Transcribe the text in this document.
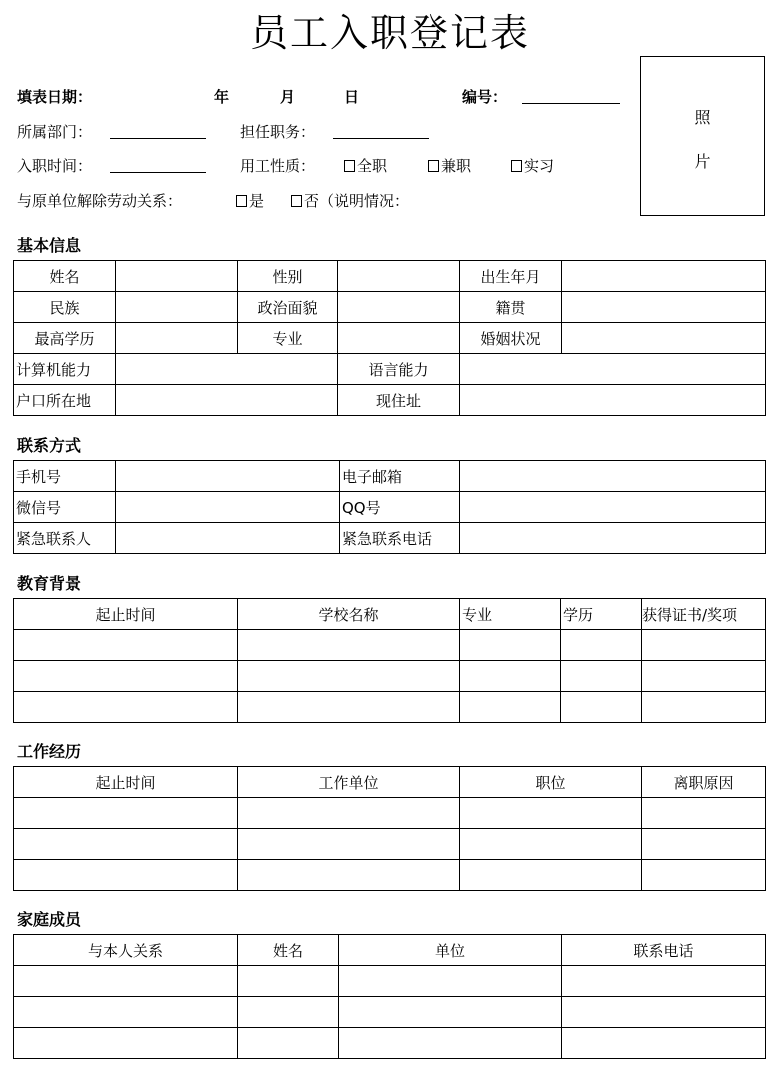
员工入职登记表
填表日期：	年	月	日	编号：
所属部门：	担任职务：
入职时间：	用工性质：	全职	兼职	实习
与原单位解除劳动关系：	是	否（说明情况：
照
片
基本信息
姓名		性别		出生年月	
民族		政治面貌		籍贯	
最高学历		专业		婚姻状况	
计算机能力			语言能力		
户口所在地			现住址		
联系方式
手机号		电子邮箱	
微信号		QQ号	
紧急联系人		紧急联系电话	
教育背景
起止时间	学校名称	专业	学历	获得证书/奖项

工作经历
起止时间	工作单位	职位	离职原因

家庭成员
与本人关系	姓名	单位	联系电话
